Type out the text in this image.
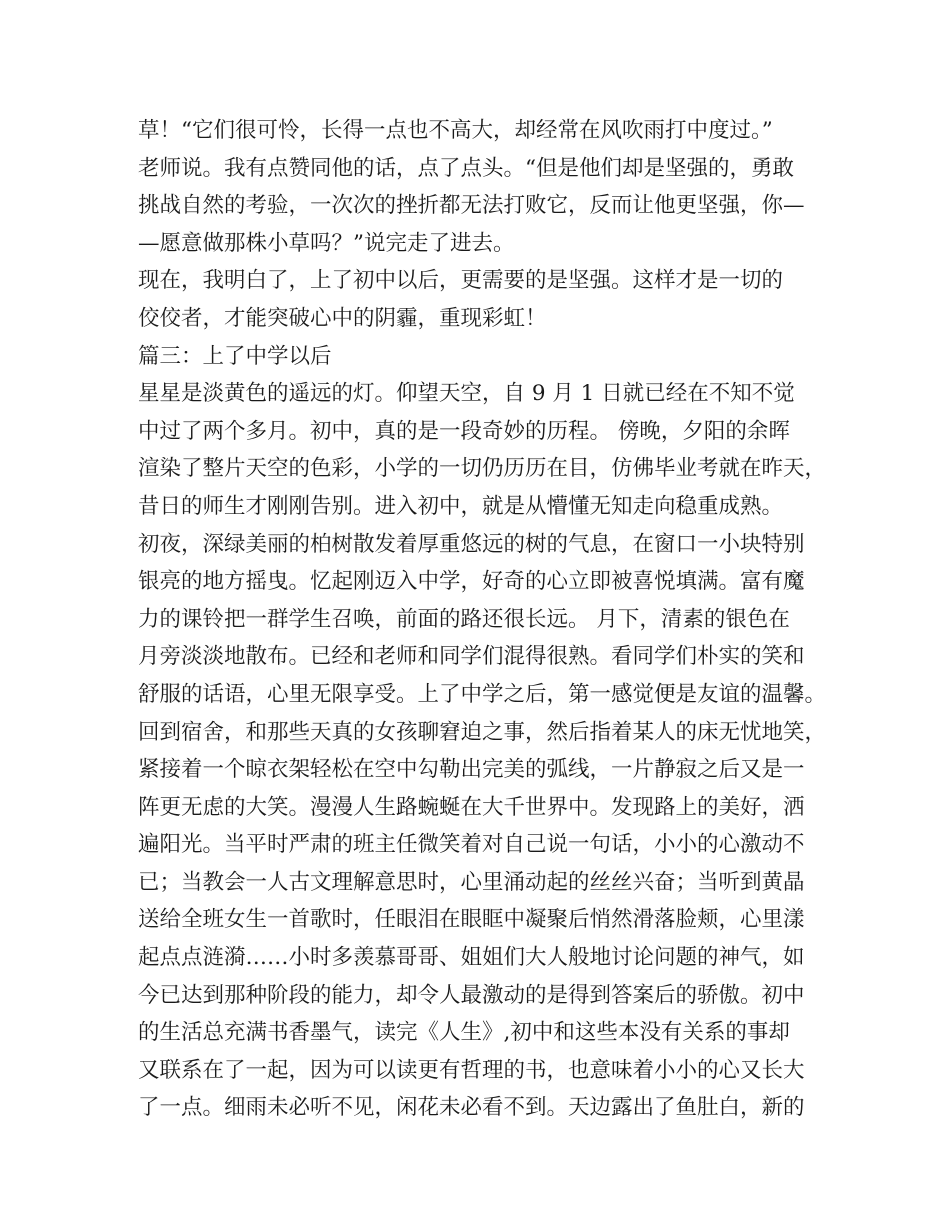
草！“它们很可怜，长得一点也不高大，却经常在风吹雨打中度过。”
老师说。我有点赞同他的话，点了点头。“但是他们却是坚强的，勇敢
挑战自然的考验，一次次的挫折都无法打败它，反而让他更坚强，你—
—愿意做那株小草吗？”说完走了进去。
现在，我明白了，上了初中以后，更需要的是坚强。这样才是一切的
佼佼者，才能突破心中的阴霾，重现彩虹！
篇三：上了中学以后
星星是淡黄色的遥远的灯。仰望天空，自 9 月 1 日就已经在不知不觉
中过了两个多月。初中，真的是一段奇妙的历程。 傍晚，夕阳的余晖
渲染了整片天空的色彩，小学的一切仍历历在目，仿佛毕业考就在昨天，
昔日的师生才刚刚告别。进入初中，就是从懵懂无知走向稳重成熟。
初夜，深绿美丽的柏树散发着厚重悠远的树的气息，在窗口一小块特别
银亮的地方摇曳。忆起刚迈入中学，好奇的心立即被喜悦填满。富有魔
力的课铃把一群学生召唤，前面的路还很长远。 月下，清素的银色在
月旁淡淡地散布。已经和老师和同学们混得很熟。看同学们朴实的笑和
舒服的话语，心里无限享受。上了中学之后，第一感觉便是友谊的温馨。
回到宿舍，和那些天真的女孩聊窘迫之事，然后指着某人的床无忧地笑，
紧接着一个晾衣架轻松在空中勾勒出完美的弧线，一片静寂之后又是一
阵更无虑的大笑。漫漫人生路蜿蜒在大千世界中。发现路上的美好，洒
遍阳光。当平时严肃的班主任微笑着对自己说一句话，小小的心激动不
已；当教会一人古文理解意思时，心里涌动起的丝丝兴奋；当听到黄晶
送给全班女生一首歌时，任眼泪在眼眶中凝聚后悄然滑落脸颊，心里漾
起点点涟漪……小时多羡慕哥哥、姐姐们大人般地讨论问题的神气，如
今已达到那种阶段的能力，却令人最激动的是得到答案后的骄傲。初中
的生活总充满书香墨气，读完《人生》,初中和这些本没有关系的事却
又联系在了一起，因为可以读更有哲理的书，也意味着小小的心又长大
了一点。细雨未必听不见，闲花未必看不到。天边露出了鱼肚白，新的
